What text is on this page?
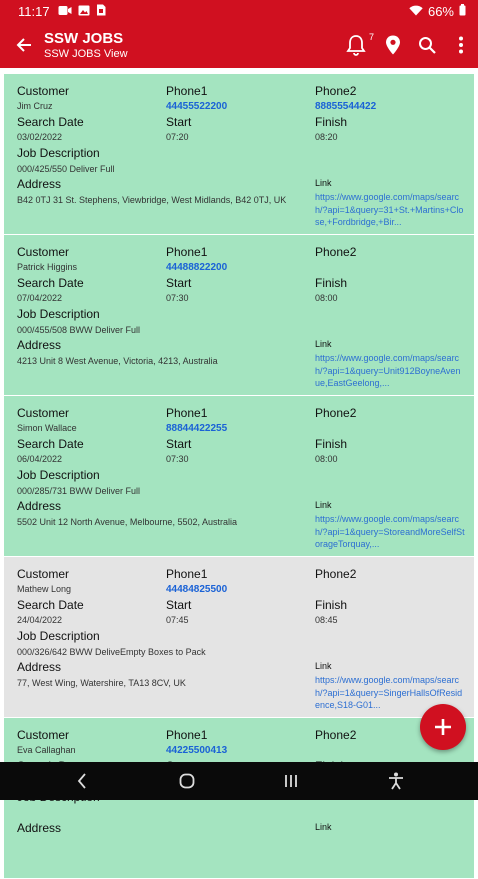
11:17	66%
SSW JOBS
SSW JOBS View
7
Customer
Jim Cruz
Phone1
44455522200
Phone2
88855544422
Search Date
03/02/2022
Start
07:20
Finish
08:20
Job Description
000/425/550 Deliver Full
Address
B42 0TJ 31 St. Stephens, Viewbridge, West Midlands, B42 0TJ, UK
Link
https://www.google.com/maps/search/?api=1&query=31+St.+Martins+Close,+Fordbridge,+Bir...
Customer
Patrick Higgins
Phone1
44488822200
Phone2
Search Date
07/04/2022
Start
07:30
Finish
08:00
Job Description
000/455/508 BWW Deliver Full
Address
4213 Unit 8 West Avenue, Victoria, 4213, Australia
Link
https://www.google.com/maps/search/?api=1&query=Unit912BoyneAvenue,EastGeelong,...
Customer
Simon Wallace
Phone1
88844422255
Phone2
Search Date
06/04/2022
Start
07:30
Finish
08:00
Job Description
000/285/731 BWW Deliver Full
Address
5502 Unit 12 North Avenue, Melbourne, 5502, Australia
Link
https://www.google.com/maps/search/?api=1&query=StoreandMoreSelfStorageTorquay,...
Customer
Mathew Long
Phone1
44484825500
Phone2
Search Date
24/04/2022
Start
07:45
Finish
08:45
Job Description
000/326/642 BWW DeliveEmpty Boxes to Pack
Address
77, West Wing, Watershire, TA13 8CV, UK
Link
https://www.google.com/maps/search/?api=1&query=SingerHallsOfResidence,S18-G01...
Customer
Eva Callaghan
Phone1
44225500413
Phone2
Address	Link
